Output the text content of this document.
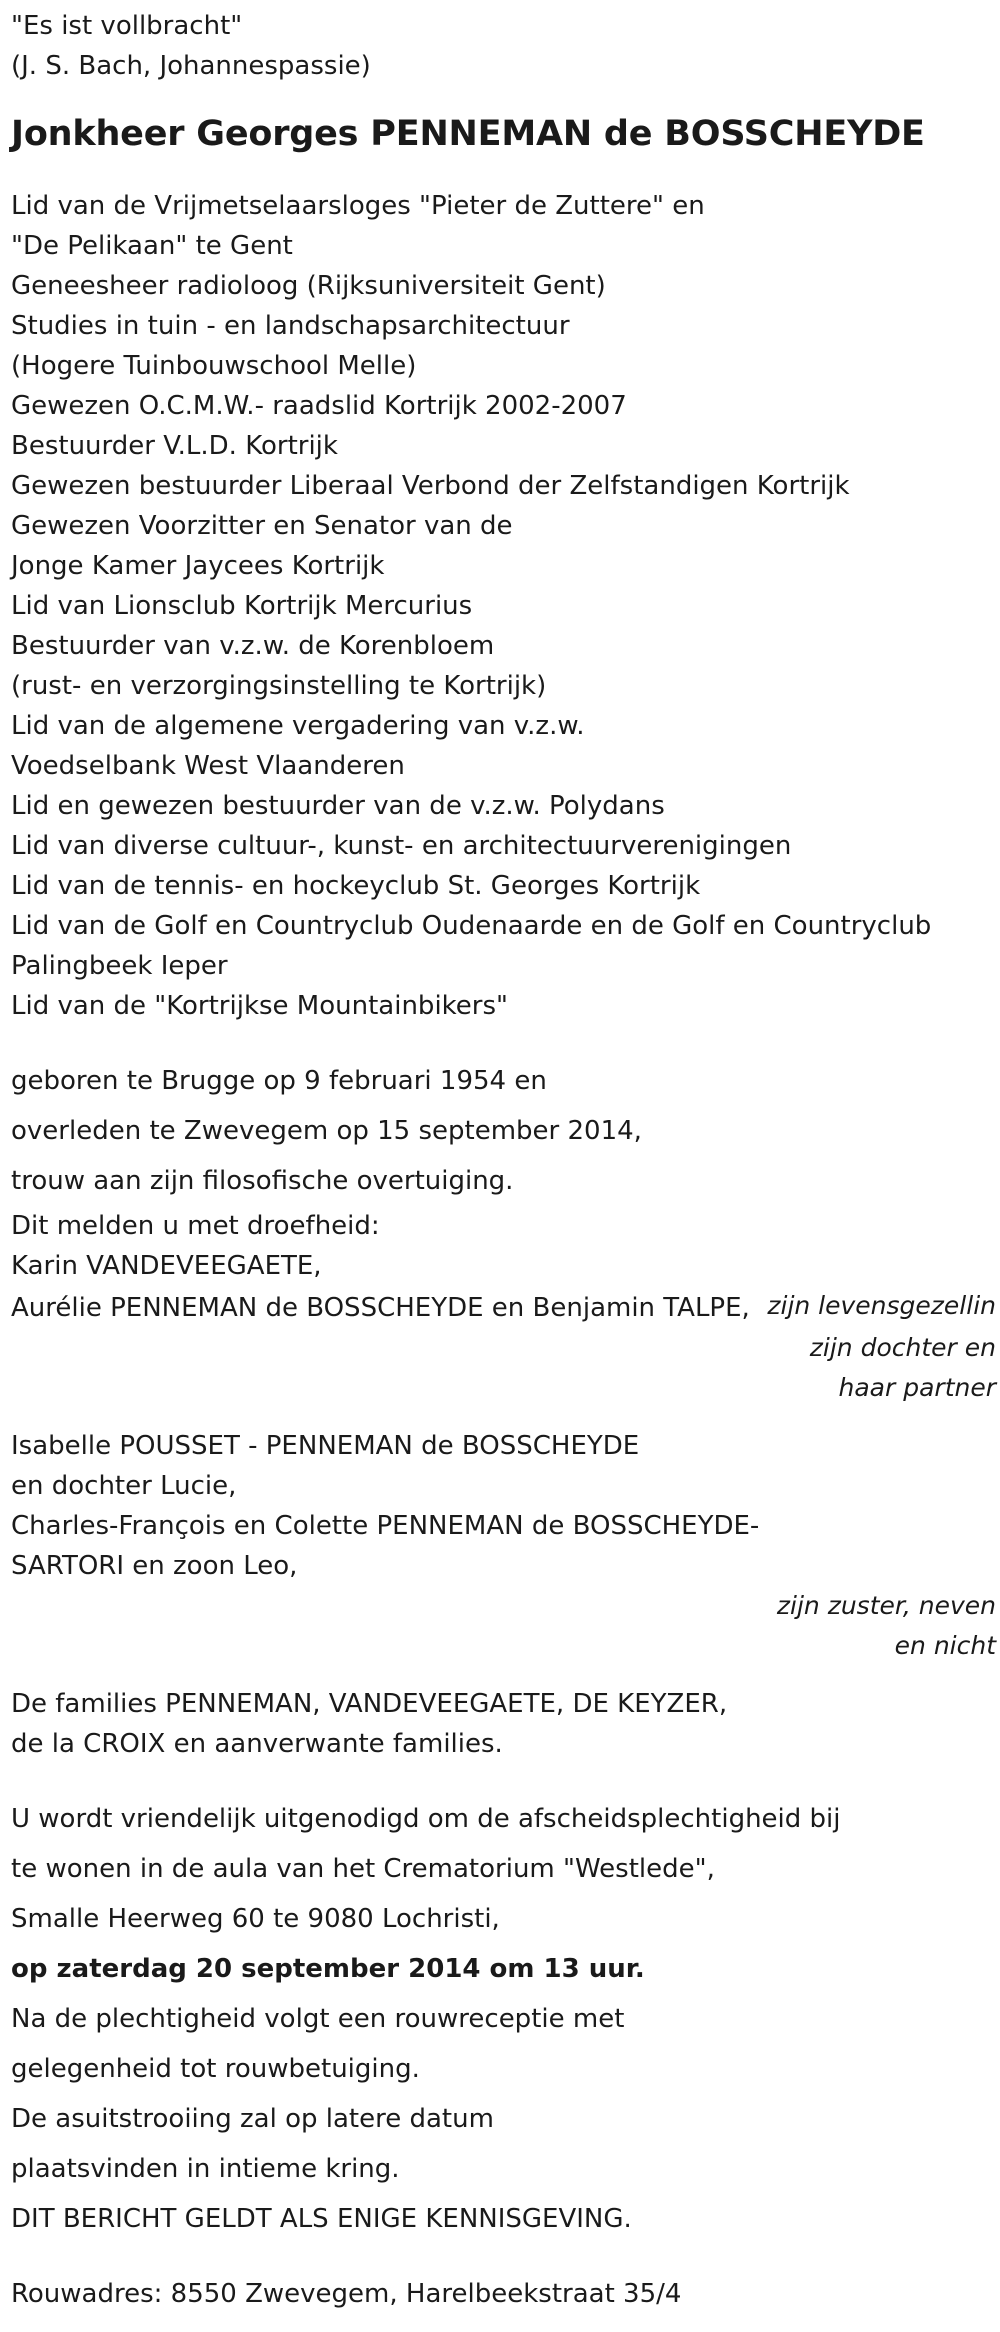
"Es ist vollbracht"
(J. S. Bach, Johannespassie)
Jonkheer Georges PENNEMAN de BOSSCHEYDE
Lid van de Vrijmetselaarsloges "Pieter de Zuttere" en
"De Pelikaan" te Gent
Geneesheer radioloog (Rijksuniversiteit Gent)
Studies in tuin - en landschapsarchitectuur
(Hogere Tuinbouwschool Melle)
Gewezen O.C.M.W.- raadslid Kortrijk 2002-2007
Bestuurder V.L.D. Kortrijk
Gewezen bestuurder Liberaal Verbond der Zelfstandigen Kortrijk
Gewezen Voorzitter en Senator van de
Jonge Kamer Jaycees Kortrijk
Lid van Lionsclub Kortrijk Mercurius
Bestuurder van v.z.w. de Korenbloem
(rust- en verzorgingsinstelling te Kortrijk)
Lid van de algemene vergadering van v.z.w.
Voedselbank West Vlaanderen
Lid en gewezen bestuurder van de v.z.w. Polydans
Lid van diverse cultuur-, kunst- en architectuurverenigingen
Lid van de tennis- en hockeyclub St. Georges Kortrijk
Lid van de Golf en Countryclub Oudenaarde en de Golf en Countryclub
Palingbeek Ieper
Lid van de "Kortrijkse Mountainbikers"
geboren te Brugge op 9 februari 1954 en
overleden te Zwevegem op 15 september 2014,
trouw aan zijn filosofische overtuiging.
Dit melden u met droefheid:
Karin VANDEVEEGAETE,
zijn levensgezellin
Aurélie PENNEMAN de BOSSCHEYDE en Benjamin TALPE,
zijn dochter en
haar partner
Isabelle POUSSET - PENNEMAN de BOSSCHEYDE
en dochter Lucie,
Charles-François en Colette PENNEMAN de BOSSCHEYDE-
SARTORI en zoon Leo,
zijn zuster, neven
en nicht
De families PENNEMAN, VANDEVEEGAETE, DE KEYZER,
de la CROIX en aanverwante families.
U wordt vriendelijk uitgenodigd om de afscheidsplechtigheid bij
te wonen in de aula van het Crematorium "Westlede",
Smalle Heerweg 60 te 9080 Lochristi,
op zaterdag 20 september 2014 om 13 uur.
Na de plechtigheid volgt een rouwreceptie met
gelegenheid tot rouwbetuiging.
De asuitstrooiing zal op latere datum
plaatsvinden in intieme kring.
DIT BERICHT GELDT ALS ENIGE KENNISGEVING.
Rouwadres: 8550 Zwevegem, Harelbeekstraat 35/4
